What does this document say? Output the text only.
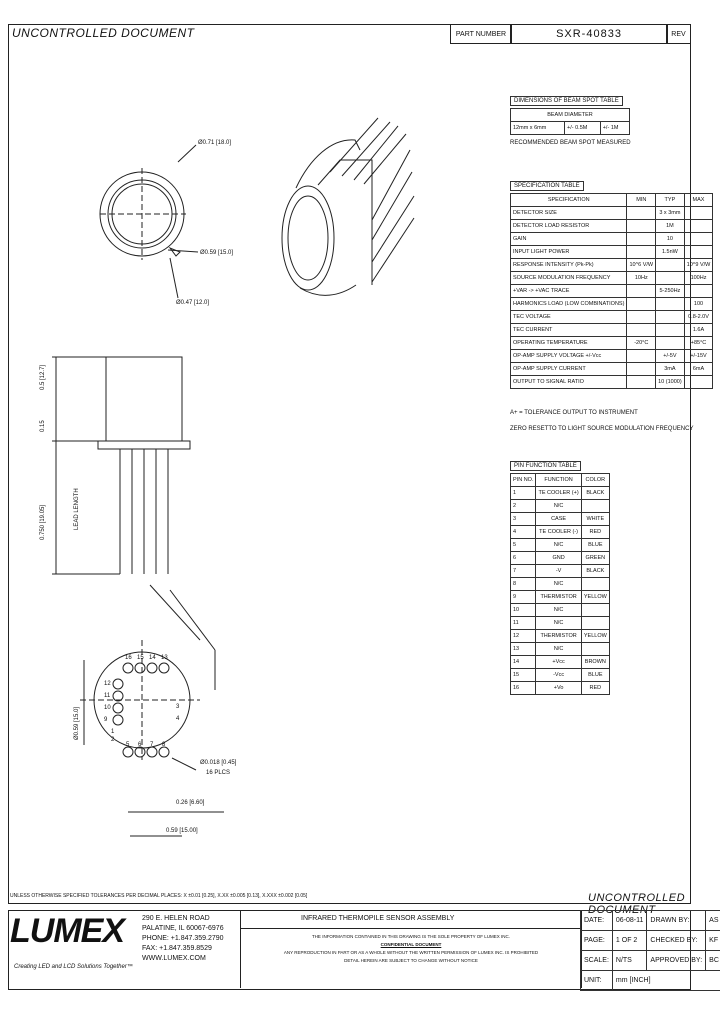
UNCONTROLLED DOCUMENT	PART NUMBER	SXR-40833	REV
Ø0.71 [18.0]
Ø0.59 [15.0]
Ø0.47 [12.0]
0.5 [12.7]
0.15
0.750 [19.05]	LEAD LENGTH
Ø0.59 [15.0]
Ø0.018 [0.45]
16 PLCS
0.26 [6.60]
0.59 [15.00]
16 15 14 13
5 6 7 8
12
11
10
9
1
2
3
4
DIMENSIONS OF BEAM SPOT TABLE
BEAM DIAMETER
12mm x 6mm	+/- 0.5M	+/- 1M
RECOMMENDED BEAM SPOT MEASURED
SPECIFICATION TABLE
SPECIFICATION	MIN	TYP	MAX
DETECTOR SIZE		3 x 3mm	
DETECTOR LOAD RESISTOR		1M	
GAIN		10	
INPUT LIGHT POWER		1.5nW	
RESPONSE INTENSITY (Pk-Pk)	10^6 V/W		10^9 V/W
SOURCE MODULATION FREQUENCY	10Hz		100Hz
+VAR -> +VAC TRACE		5-250Hz	
HARMONICS LOAD (LOW COMBINATIONS)			100
TEC VOLTAGE			0.8-2.0V
TEC CURRENT			1.6A
OPERATING TEMPERATURE	-20°C		+85°C
OP-AMP SUPPLY VOLTAGE +/-Vcc		+/-5V	+/-15V
OP-AMP SUPPLY CURRENT		3mA	6mA
OUTPUT TO SIGNAL RATIO		10 (1000)	
A+ = TOLERANCE OUTPUT TO INSTRUMENT
ZERO RESETTO TO LIGHT SOURCE MODULATION FREQUENCY
PIN FUNCTION TABLE
PIN NO.	FUNCTION	COLOR
1	TE COOLER (+)	BLACK
2	N/C	
3	CASE	WHITE
4	TE COOLER (-)	RED
5	N/C	BLUE
6	GND	GREEN
7	-V	BLACK
8	N/C	
9	THERMISTOR	YELLOW
10	N/C	
11	N/C	
12	THERMISTOR	YELLOW
13	N/C	
14	+Vcc	BROWN
15	-Vcc	BLUE
16	+Vo	RED
UNLESS OTHERWISE SPECIFIED TOLERANCES PER DECIMAL PLACES: X ±0.01 [0.25], X.XX ±0.005 [0.13], X.XXX ±0.002 [0.05]	UNCONTROLLED DOCUMENT
LUMEX
Creating LED and LCD Solutions Together™
290 E. HELEN ROAD
PALATINE, IL 60067-6976
PHONE: +1.847.359.2790
FAX: +1.847.359.8529
WWW.LUMEX.COM
INFRARED THERMOPILE SENSOR ASSEMBLY
THE INFORMATION CONTAINED IN THIS DRAWING IS THE SOLE PROPERTY OF LUMEX INC.
CONFIDENTIAL DOCUMENT
ANY REPRODUCTION IN PART OR AS A WHOLE WITHOUT THE WRITTEN PERMISSION OF LUMEX INC. IS PROHIBITED
DETAIL HEREIN ARE SUBJECT TO CHANGE WITHOUT NOTICE
DATE:	06-08-11	DRAWN BY:	AS
PAGE:	1 OF 2	CHECKED BY:	KF
SCALE:	N/TS	APPROVED BY:	BC
UNIT:	mm [INCH]		
